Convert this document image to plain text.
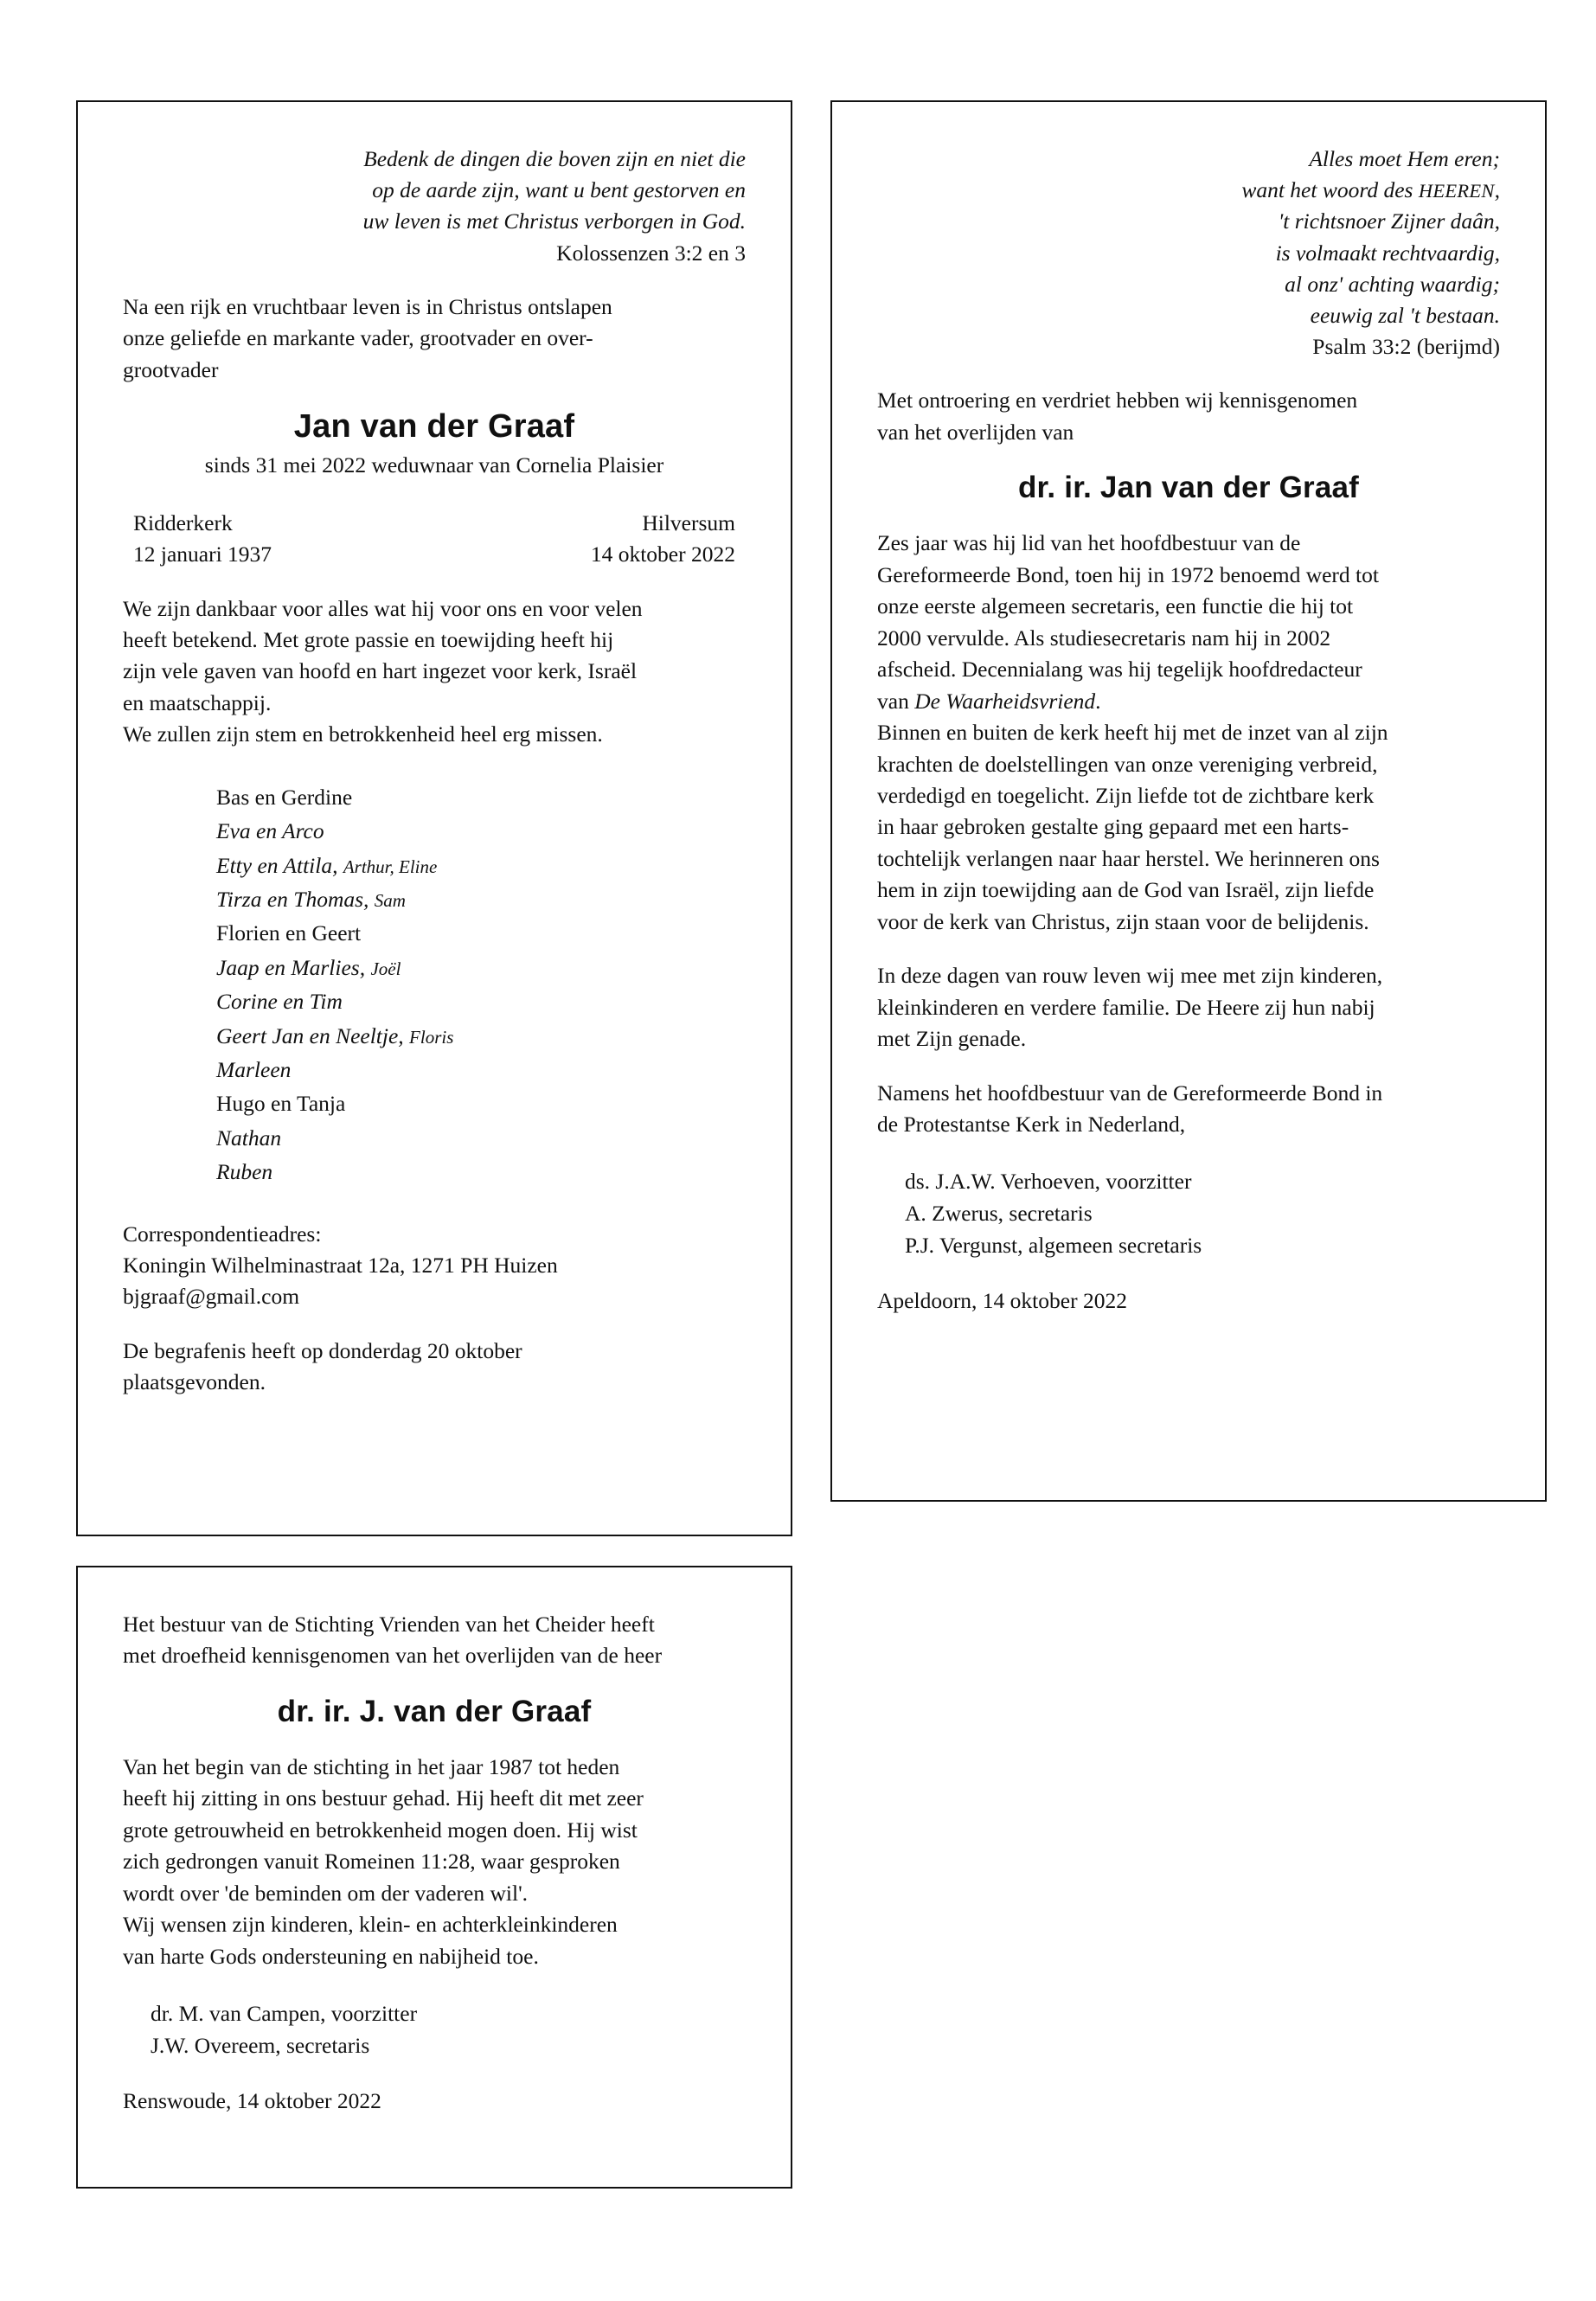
Bedenk de dingen die boven zijn en niet die
op de aarde zijn, want u bent gestorven en
uw leven is met Christus verborgen in God.
Kolossenzen 3:2 en 3
Na een rijk en vruchtbaar leven is in Christus ontslapen
onze geliefde en markante vader, grootvader en over-
grootvader
Jan van der Graaf
sinds 31 mei 2022 weduwnaar van Cornelia Plaisier
Ridderkerk
12 januari 1937
Hilversum
14 oktober 2022
We zijn dankbaar voor alles wat hij voor ons en voor velen
heeft betekend. Met grote passie en toewijding heeft hij
zijn vele gaven van hoofd en hart ingezet voor kerk, Israël
en maatschappij.
We zullen zijn stem en betrokkenheid heel erg missen.
Bas en Gerdine
Eva en Arco
Etty en Attila, Arthur, Eline
Tirza en Thomas, Sam
Florien en Geert
Jaap en Marlies, Joël
Corine en Tim
Geert Jan en Neeltje, Floris
Marleen
Hugo en Tanja
Nathan
Ruben
Correspondentieadres:
Koningin Wilhelminastraat 12a, 1271 PH Huizen
bjgraaf@gmail.com
De begrafenis heeft op donderdag 20 oktober
plaatsgevonden.
Alles moet Hem eren;
want het woord des HEEREN,
't richtsnoer Zijner daân,
is volmaakt rechtvaardig,
al onz' achting waardig;
eeuwig zal 't bestaan.
Psalm 33:2 (berijmd)
Met ontroering en verdriet hebben wij kennisgenomen
van het overlijden van
dr. ir. Jan van der Graaf
Zes jaar was hij lid van het hoofdbestuur van de
Gereformeerde Bond, toen hij in 1972 benoemd werd tot
onze eerste algemeen secretaris, een functie die hij tot
2000 vervulde. Als studiesecretaris nam hij in 2002
afscheid. Decennialang was hij tegelijk hoofdredacteur
van De Waarheidsvriend.
Binnen en buiten de kerk heeft hij met de inzet van al zijn
krachten de doelstellingen van onze vereniging verbreid,
verdedigd en toegelicht. Zijn liefde tot de zichtbare kerk
in haar gebroken gestalte ging gepaard met een harts-
tochtelijk verlangen naar haar herstel. We herinneren ons
hem in zijn toewijding aan de God van Israël, zijn liefde
voor de kerk van Christus, zijn staan voor de belijdenis.
In deze dagen van rouw leven wij mee met zijn kinderen,
kleinkinderen en verdere familie. De Heere zij hun nabij
met Zijn genade.
Namens het hoofdbestuur van de Gereformeerde Bond in
de Protestantse Kerk in Nederland,
ds. J.A.W. Verhoeven, voorzitter
A. Zwerus, secretaris
P.J. Vergunst, algemeen secretaris
Apeldoorn, 14 oktober 2022
Het bestuur van de Stichting Vrienden van het Cheider heeft
met droefheid kennisgenomen van het overlijden van de heer
dr. ir. J. van der Graaf
Van het begin van de stichting in het jaar 1987 tot heden
heeft hij zitting in ons bestuur gehad. Hij heeft dit met zeer
grote getrouwheid en betrokkenheid mogen doen. Hij wist
zich gedrongen vanuit Romeinen 11:28, waar gesproken
wordt over 'de beminden om der vaderen wil'.
Wij wensen zijn kinderen, klein- en achterkleinkinderen
van harte Gods ondersteuning en nabijheid toe.
dr. M. van Campen, voorzitter
J.W. Overeem, secretaris
Renswoude, 14 oktober 2022
